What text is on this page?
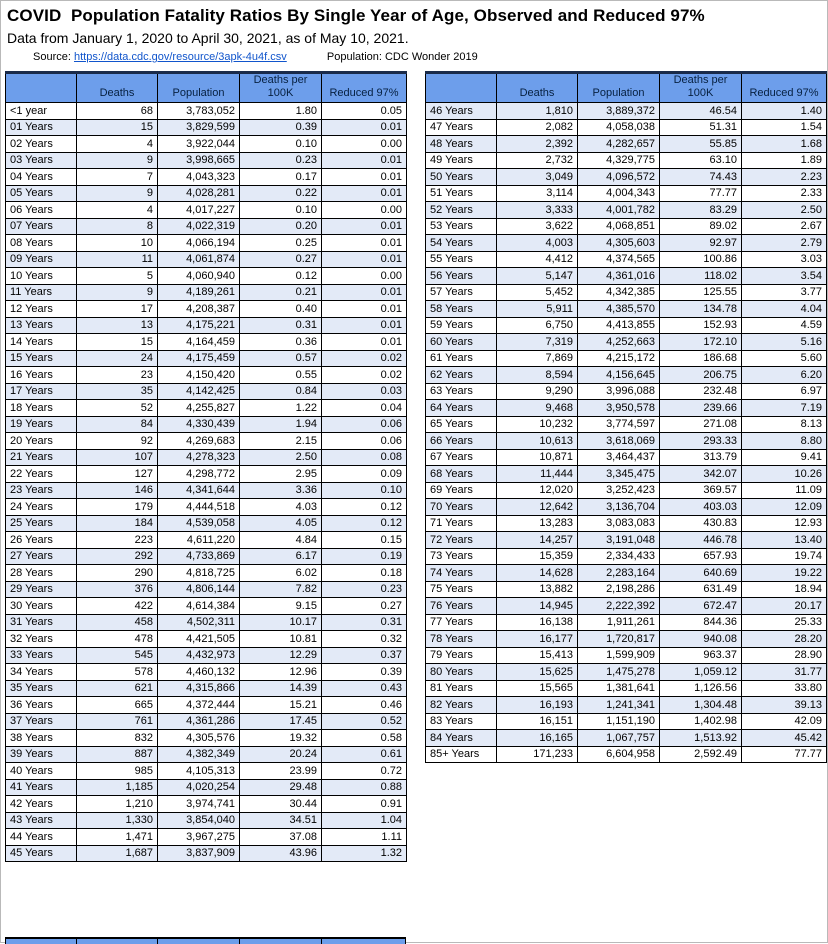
COVID  Population Fatality Ratios By Single Year of Age, Observed and Reduced 97%
Data from January 1, 2020 to April 30, 2021, as of May 10, 2021.
Source: https://data.cdc.gov/resource/3apk-4u4f.csv	Population: CDC Wonder 2019
	Deaths	Population	Deaths per 100K	Reduced 97%
<1 year	68	3,783,052	1.80	0.05
01 Years	15	3,829,599	0.39	0.01
02 Years	4	3,922,044	0.10	0.00
03 Years	9	3,998,665	0.23	0.01
04 Years	7	4,043,323	0.17	0.01
05 Years	9	4,028,281	0.22	0.01
06 Years	4	4,017,227	0.10	0.00
07 Years	8	4,022,319	0.20	0.01
08 Years	10	4,066,194	0.25	0.01
09 Years	11	4,061,874	0.27	0.01
10 Years	5	4,060,940	0.12	0.00
11 Years	9	4,189,261	0.21	0.01
12 Years	17	4,208,387	0.40	0.01
13 Years	13	4,175,221	0.31	0.01
14 Years	15	4,164,459	0.36	0.01
15 Years	24	4,175,459	0.57	0.02
16 Years	23	4,150,420	0.55	0.02
17 Years	35	4,142,425	0.84	0.03
18 Years	52	4,255,827	1.22	0.04
19 Years	84	4,330,439	1.94	0.06
20 Years	92	4,269,683	2.15	0.06
21 Years	107	4,278,323	2.50	0.08
22 Years	127	4,298,772	2.95	0.09
23 Years	146	4,341,644	3.36	0.10
24 Years	179	4,444,518	4.03	0.12
25 Years	184	4,539,058	4.05	0.12
26 Years	223	4,611,220	4.84	0.15
27 Years	292	4,733,869	6.17	0.19
28 Years	290	4,818,725	6.02	0.18
29 Years	376	4,806,144	7.82	0.23
30 Years	422	4,614,384	9.15	0.27
31 Years	458	4,502,311	10.17	0.31
32 Years	478	4,421,505	10.81	0.32
33 Years	545	4,432,973	12.29	0.37
34 Years	578	4,460,132	12.96	0.39
35 Years	621	4,315,866	14.39	0.43
36 Years	665	4,372,444	15.21	0.46
37 Years	761	4,361,286	17.45	0.52
38 Years	832	4,305,576	19.32	0.58
39 Years	887	4,382,349	20.24	0.61
40 Years	985	4,105,313	23.99	0.72
41 Years	1,185	4,020,254	29.48	0.88
42 Years	1,210	3,974,741	30.44	0.91
43 Years	1,330	3,854,040	34.51	1.04
44 Years	1,471	3,967,275	37.08	1.11
45 Years	1,687	3,837,909	43.96	1.32
	Deaths	Population	Deaths per 100K	Reduced 97%
46 Years	1,810	3,889,372	46.54	1.40
47 Years	2,082	4,058,038	51.31	1.54
48 Years	2,392	4,282,657	55.85	1.68
49 Years	2,732	4,329,775	63.10	1.89
50 Years	3,049	4,096,572	74.43	2.23
51 Years	3,114	4,004,343	77.77	2.33
52 Years	3,333	4,001,782	83.29	2.50
53 Years	3,622	4,068,851	89.02	2.67
54 Years	4,003	4,305,603	92.97	2.79
55 Years	4,412	4,374,565	100.86	3.03
56 Years	5,147	4,361,016	118.02	3.54
57 Years	5,452	4,342,385	125.55	3.77
58 Years	5,911	4,385,570	134.78	4.04
59 Years	6,750	4,413,855	152.93	4.59
60 Years	7,319	4,252,663	172.10	5.16
61 Years	7,869	4,215,172	186.68	5.60
62 Years	8,594	4,156,645	206.75	6.20
63 Years	9,290	3,996,088	232.48	6.97
64 Years	9,468	3,950,578	239.66	7.19
65 Years	10,232	3,774,597	271.08	8.13
66 Years	10,613	3,618,069	293.33	8.80
67 Years	10,871	3,464,437	313.79	9.41
68 Years	11,444	3,345,475	342.07	10.26
69 Years	12,020	3,252,423	369.57	11.09
70 Years	12,642	3,136,704	403.03	12.09
71 Years	13,283	3,083,083	430.83	12.93
72 Years	14,257	3,191,048	446.78	13.40
73 Years	15,359	2,334,433	657.93	19.74
74 Years	14,628	2,283,164	640.69	19.22
75 Years	13,882	2,198,286	631.49	18.94
76 Years	14,945	2,222,392	672.47	20.17
77 Years	16,138	1,911,261	844.36	25.33
78 Years	16,177	1,720,817	940.08	28.20
79 Years	15,413	1,599,909	963.37	28.90
80 Years	15,625	1,475,278	1,059.12	31.77
81 Years	15,565	1,381,641	1,126.56	33.80
82 Years	16,193	1,241,341	1,304.48	39.13
83 Years	16,151	1,151,190	1,402.98	42.09
84 Years	16,165	1,067,757	1,513.92	45.42
85+ Years	171,233	6,604,958	2,592.49	77.77
